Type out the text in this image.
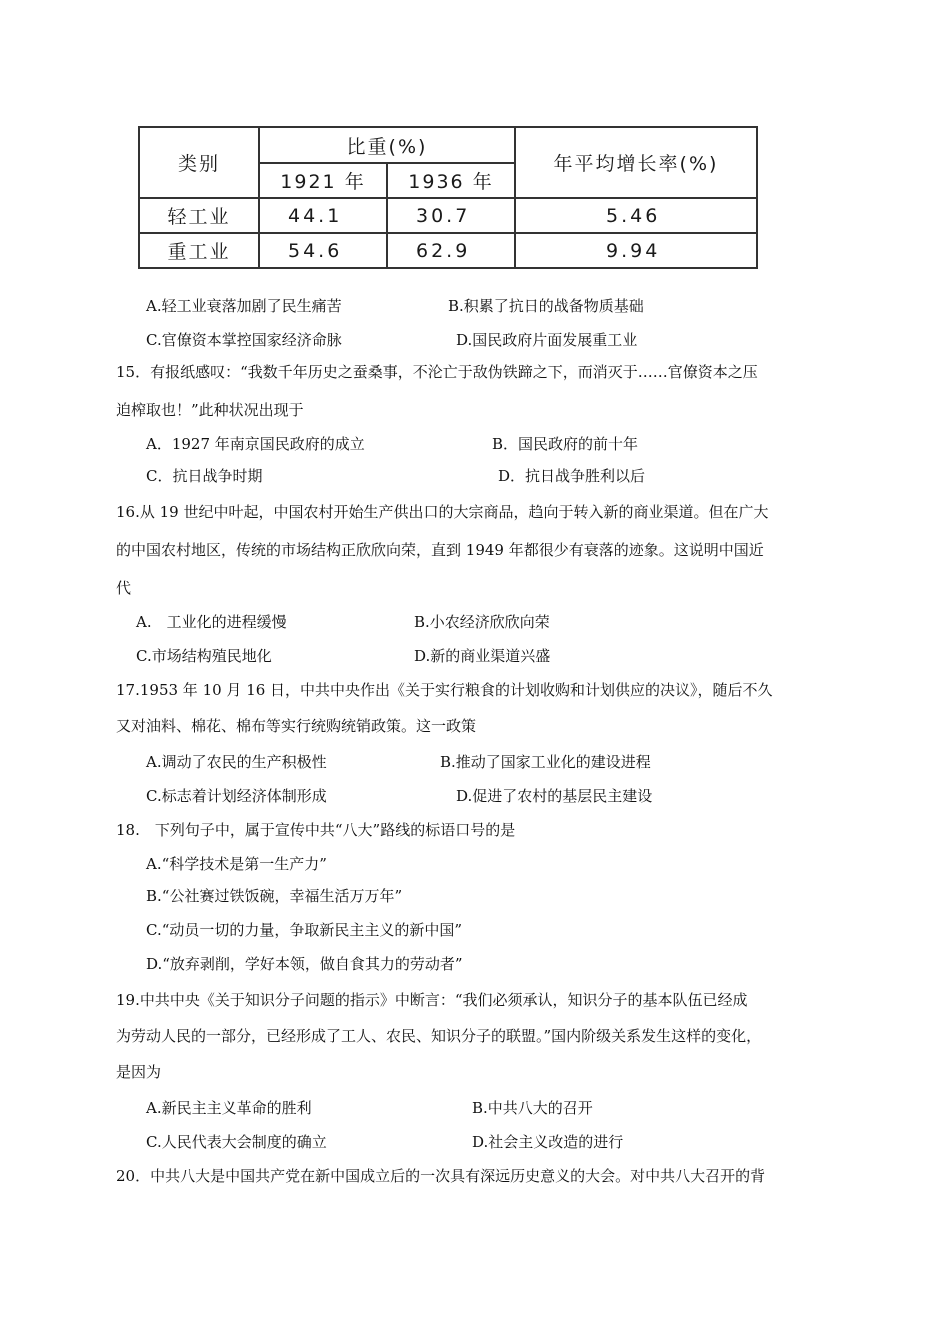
类别	比重(%)		年平均增长率(%)
	1921 年	1936 年	
轻工业	44.1	30.7	5.46
重工业	54.6	62.9	9.94
A.轻工业衰落加剧了民生痛苦	B.积累了抗日的战备物质基础
C.官僚资本掌控国家经济命脉	D.国民政府片面发展重工业
15．有报纸感叹：“我数千年历史之蚕桑事，不沦亡于敌伪铁蹄之下，而消灭于……官僚资本之压
迫榨取也！”此种状况出现于
A．1927 年南京国民政府的成立	B．国民政府的前十年
C．抗日战争时期	D．抗日战争胜利以后
16.从 19 世纪中叶起，中国农村开始生产供出口的大宗商品，趋向于转入新的商业渠道。但在广大
的中国农村地区，传统的市场结构正欣欣向荣，直到 1949 年都很少有衰落的迹象。这说明中国近
代
A.　工业化的进程缓慢	B.小农经济欣欣向荣
C.市场结构殖民地化	D.新的商业渠道兴盛
17.1953 年 10 月 16 日，中共中央作出《关于实行粮食的计划收购和计划供应的决议》，随后不久
又对油料、棉花、棉布等实行统购统销政策。这一政策
A.调动了农民的生产积极性	B.推动了国家工业化的建设进程
C.标志着计划经济体制形成	D.促进了农村的基层民主建设
18.　下列句子中，属于宣传中共“八大”路线的标语口号的是
A.“科学技术是第一生产力”
B.“公社赛过铁饭碗，幸福生活万万年”
C.“动员一切的力量，争取新民主主义的新中国”
D.“放弃剥削，学好本领，做自食其力的劳动者”
19.中共中央《关于知识分子问题的指示》中断言：“我们必须承认，知识分子的基本队伍已经成
为劳动人民的一部分，已经形成了工人、农民、知识分子的联盟。”国内阶级关系发生这样的变化，
是因为
A.新民主主义革命的胜利	B.中共八大的召开
C.人民代表大会制度的确立	D.社会主义改造的进行
20．中共八大是中国共产党在新中国成立后的一次具有深远历史意义的大会。对中共八大召开的背
